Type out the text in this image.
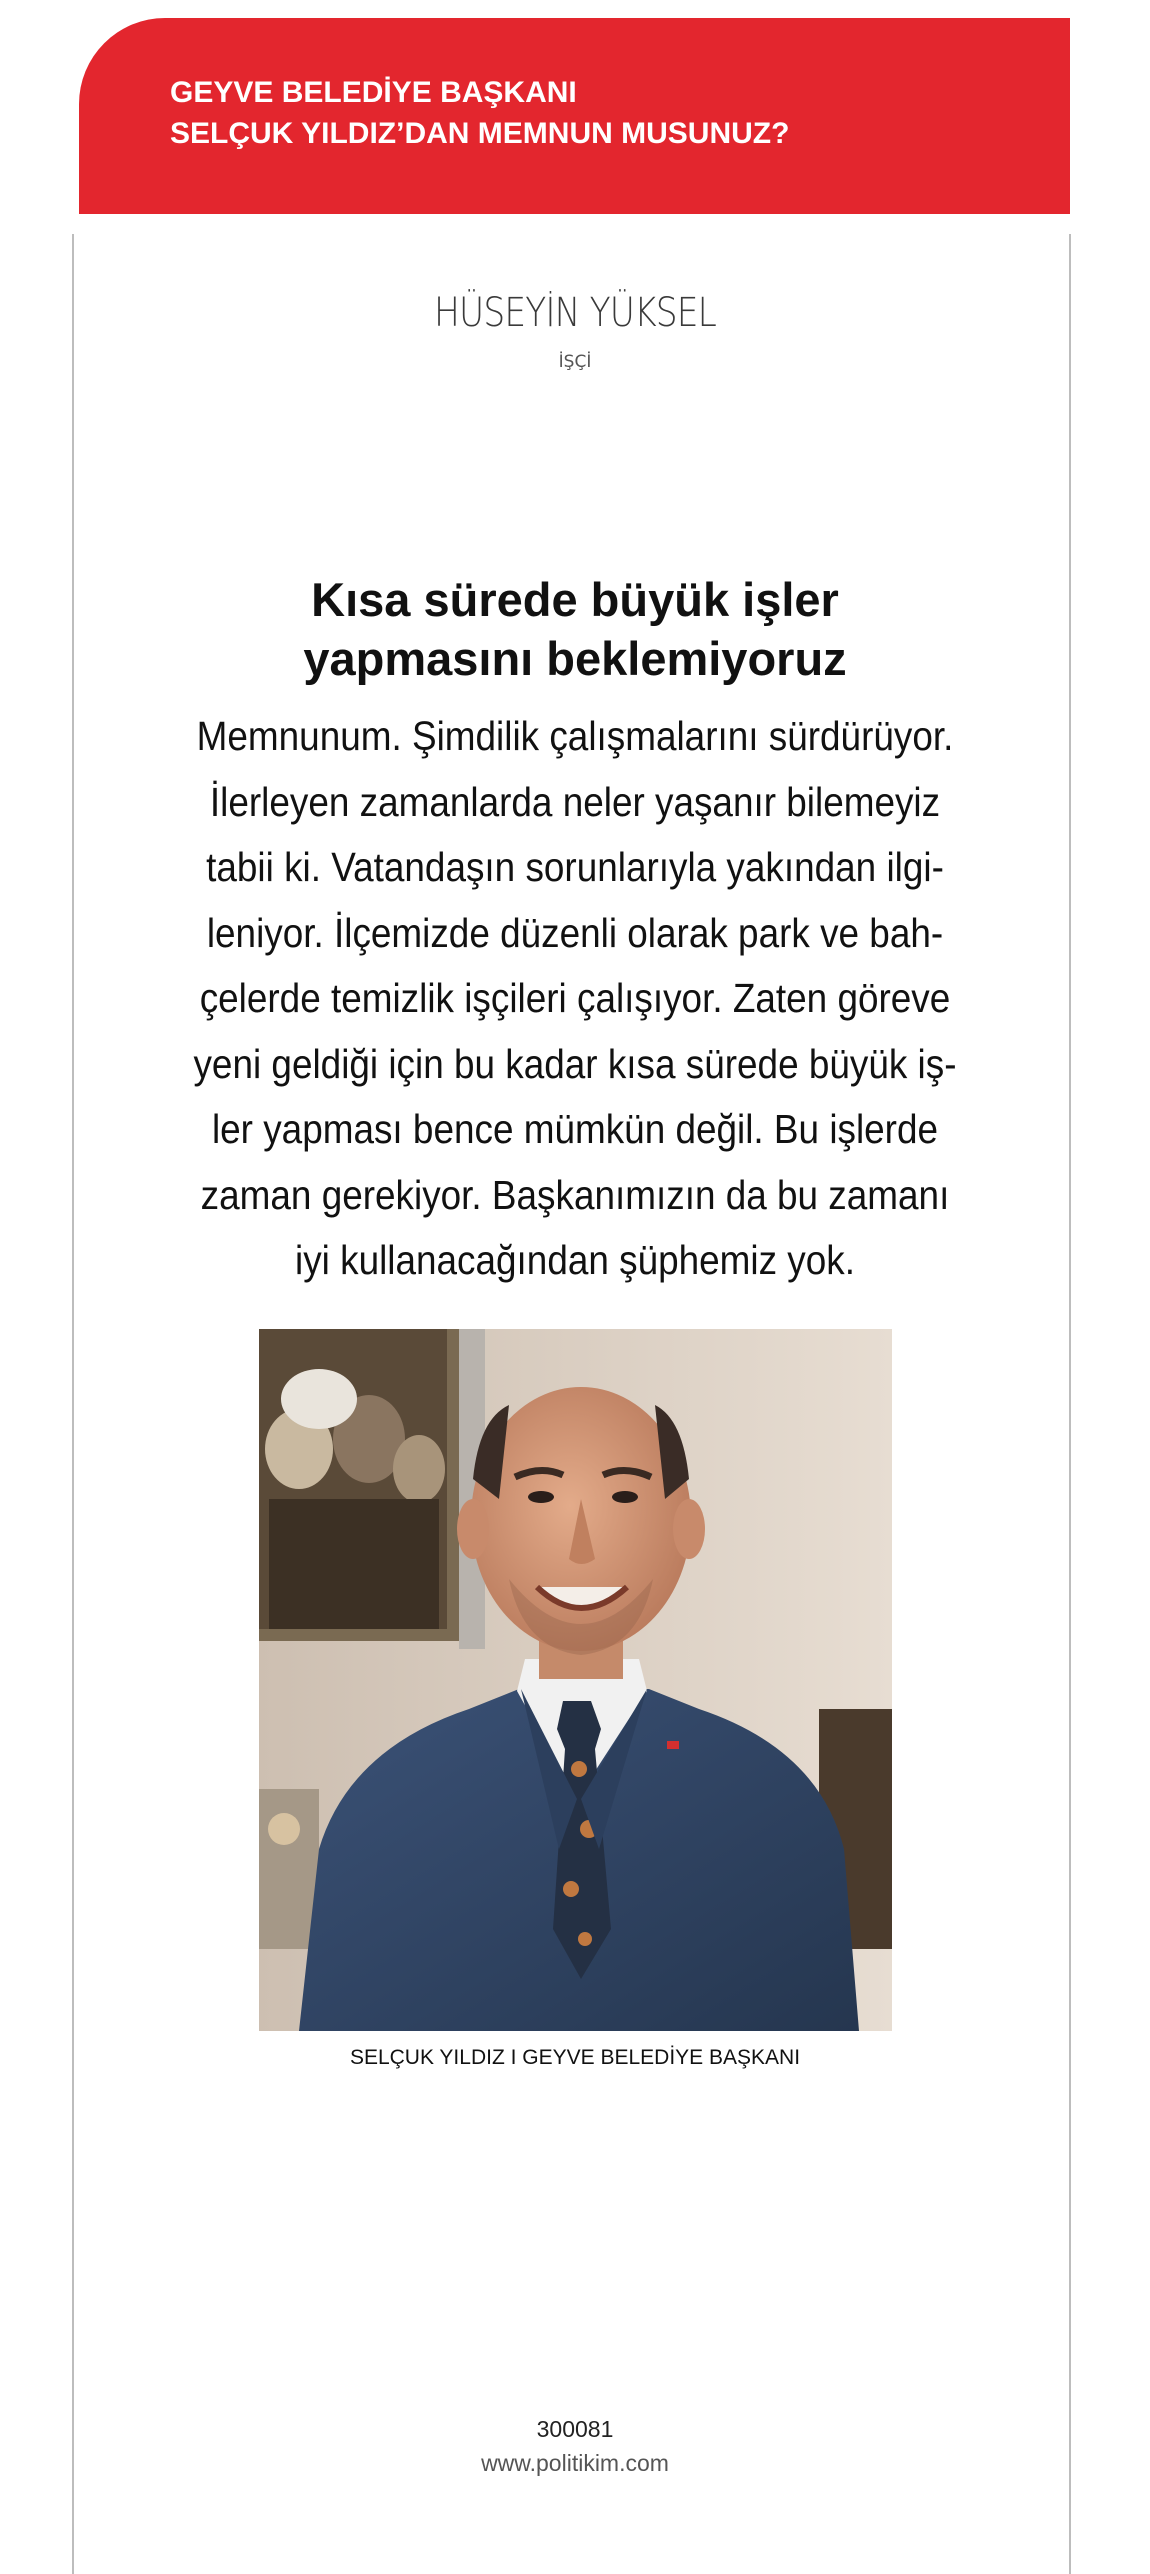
GEYVE BELEDİYE BAŞKANI
SELÇUK YILDIZ’DAN MEMNUN MUSUNUZ?
HÜSEYİN YÜKSEL
İŞÇİ
Kısa sürede büyük işler
yapmasını beklemiyoruz
Memnunum. Şimdilik çalışmalarını sürdürüyor.
İlerleyen zamanlarda neler yaşanır bilemeyiz
tabii ki. Vatandaşın sorunlarıyla yakından ilgi-
leniyor. İlçemizde düzenli olarak park ve bah-
çelerde temizlik işçileri çalışıyor. Zaten göreve
yeni geldiği için bu kadar kısa sürede büyük iş-
ler yapması bence mümkün değil. Bu işlerde
zaman gerekiyor. Başkanımızın da bu zamanı
iyi kullanacağından şüphemiz yok.
SELÇUK YILDIZ I GEYVE BELEDİYE BAŞKANI
300081
www.politikim.com
